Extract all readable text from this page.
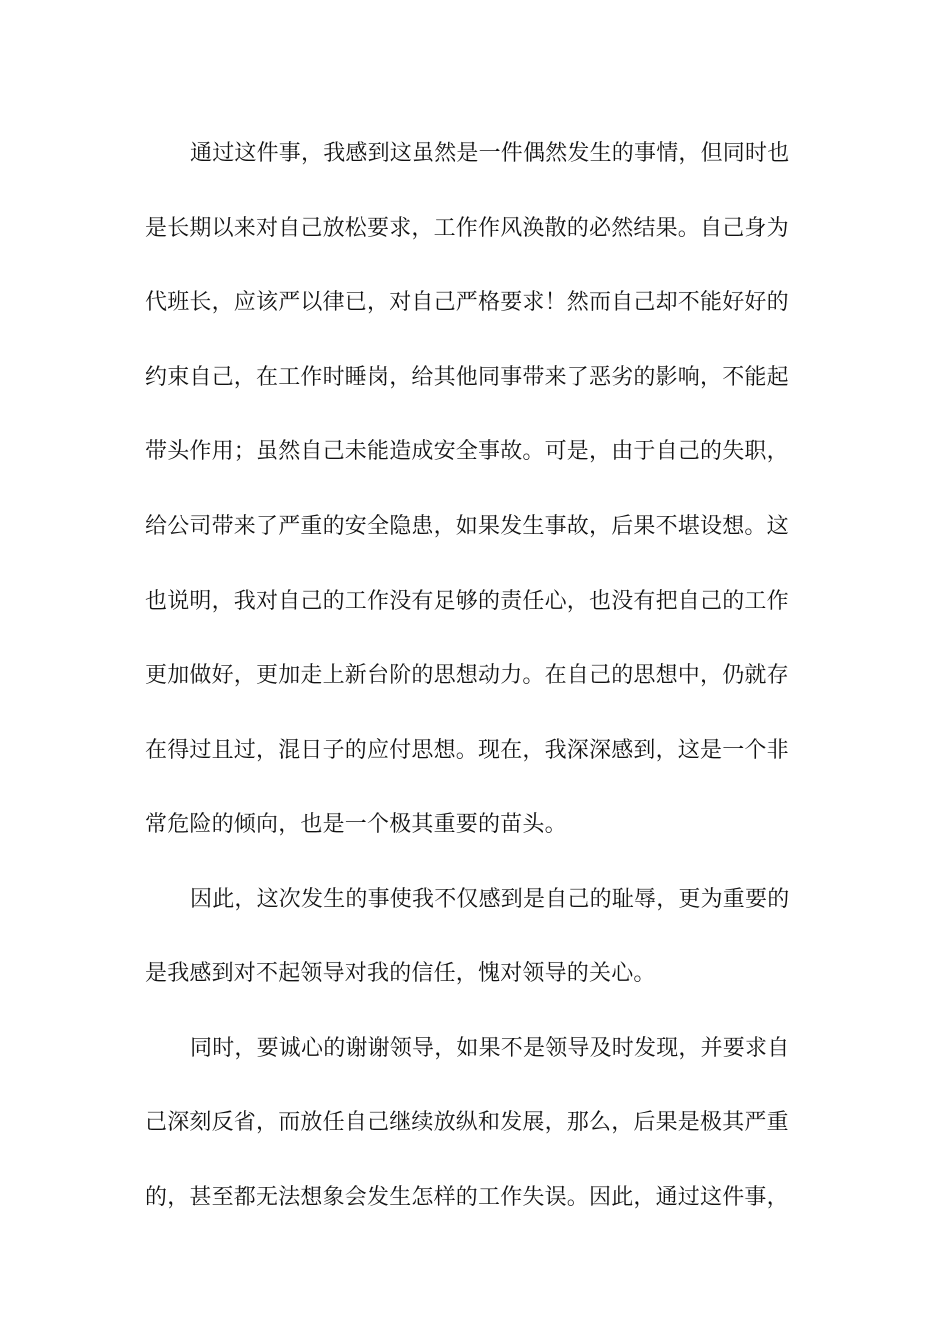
通过这件事，我感到这虽然是一件偶然发生的事情，但同时也
是长期以来对自己放松要求，工作作风涣散的必然结果。自己身为
代班长，应该严以律已，对自己严格要求！然而自己却不能好好的
约束自己，在工作时睡岗，给其他同事带来了恶劣的影响，不能起
带头作用；虽然自己未能造成安全事故。可是，由于自己的失职，
给公司带来了严重的安全隐患，如果发生事故，后果不堪设想。这
也说明，我对自己的工作没有足够的责任心，也没有把自己的工作
更加做好，更加走上新台阶的思想动力。在自己的思想中，仍就存
在得过且过，混日子的应付思想。现在，我深深感到，这是一个非
常危险的倾向，也是一个极其重要的苗头。
因此，这次发生的事使我不仅感到是自己的耻辱，更为重要的
是我感到对不起领导对我的信任，愧对领导的关心。
同时，要诚心的谢谢领导，如果不是领导及时发现，并要求自
己深刻反省，而放任自己继续放纵和发展，那么，后果是极其严重
的，甚至都无法想象会发生怎样的工作失误。因此，通过这件事，
